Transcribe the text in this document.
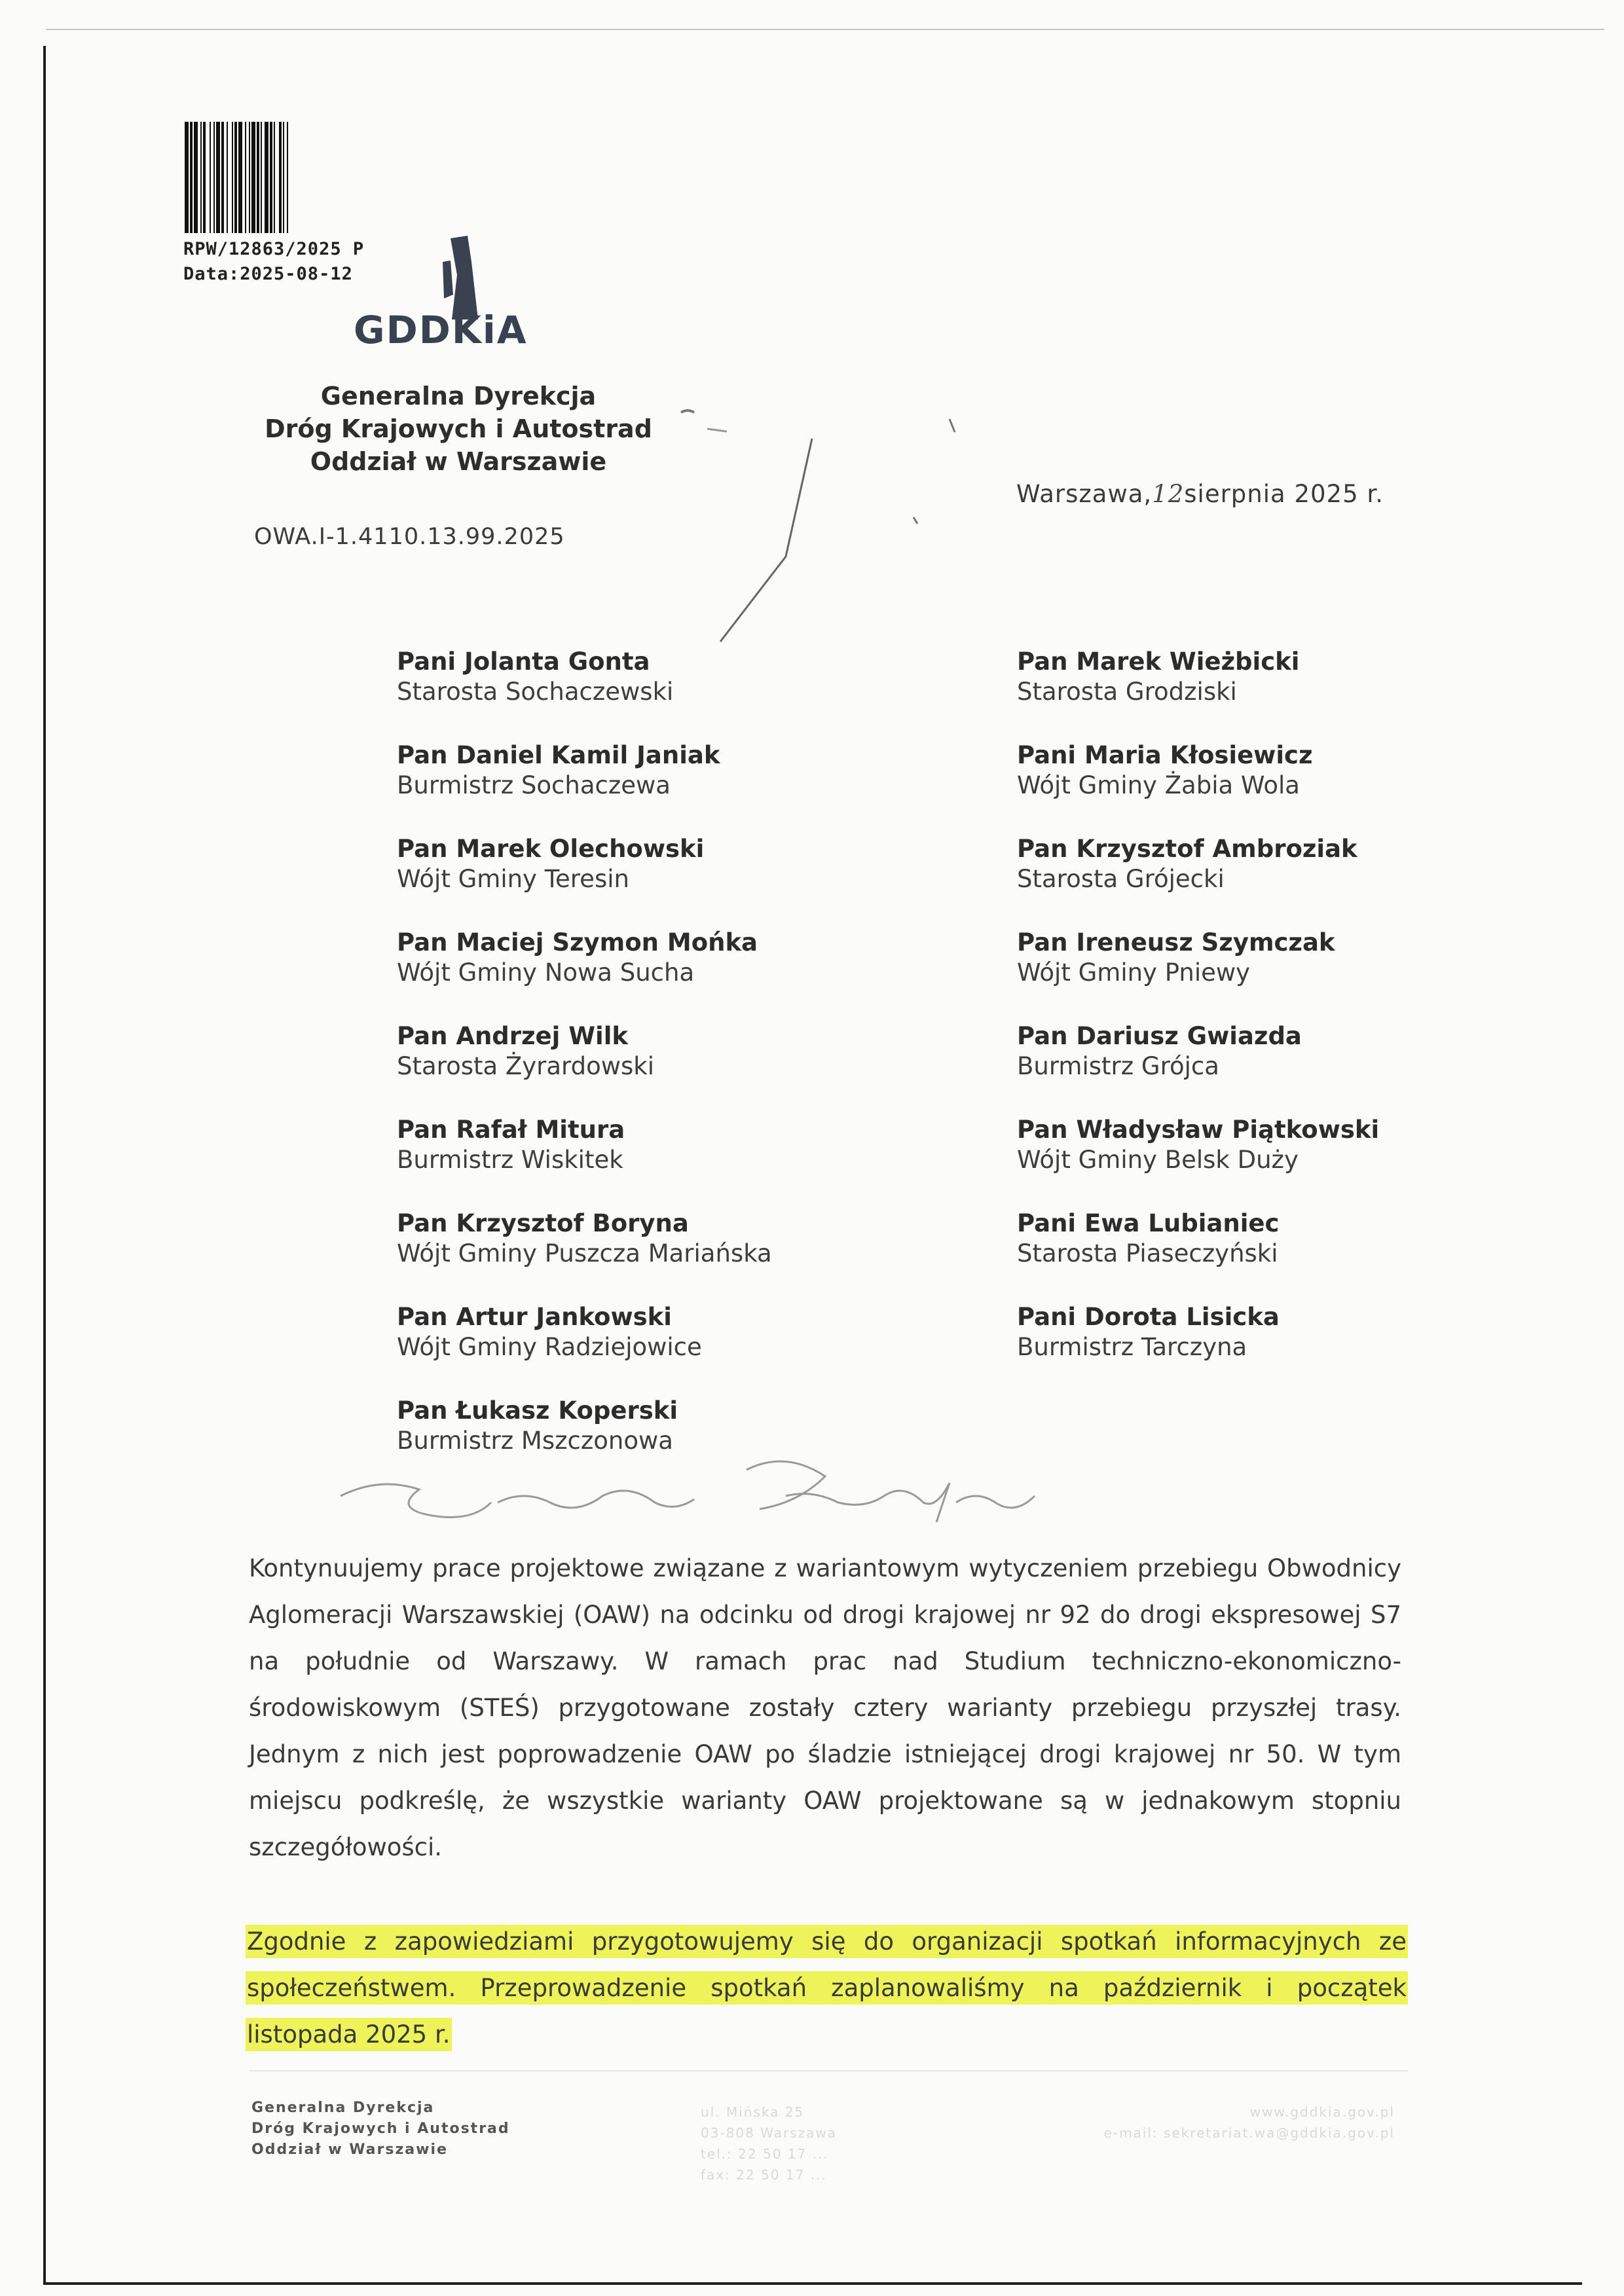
RPW/12863/2025 P
Data:2025-08-12
GDDKiA
Generalna Dyrekcja
Dróg Krajowych i Autostrad
Oddział w Warszawie
OWA.I-1.4110.13.99.2025
Warszawa,12sierpnia 2025 r.
Pani Jolanta Gonta
Starosta Sochaczewski
Pan Daniel Kamil Janiak
Burmistrz Sochaczewa
Pan Marek Olechowski
Wójt Gminy Teresin
Pan Maciej Szymon Mońka
Wójt Gminy Nowa Sucha
Pan Andrzej Wilk
Starosta Żyrardowski
Pan Rafał Mitura
Burmistrz Wiskitek
Pan Krzysztof Boryna
Wójt Gminy Puszcza Mariańska
Pan Artur Jankowski
Wójt Gminy Radziejowice
Pan Łukasz Koperski
Burmistrz Mszczonowa
Pan Marek Wieżbicki
Starosta Grodziski
Pani Maria Kłosiewicz
Wójt Gminy Żabia Wola
Pan Krzysztof Ambroziak
Starosta Grójecki
Pan Ireneusz Szymczak
Wójt Gminy Pniewy
Pan Dariusz Gwiazda
Burmistrz Grójca
Pan Władysław Piątkowski
Wójt Gminy Belsk Duży
Pani Ewa Lubianiec
Starosta Piaseczyński
Pani Dorota Lisicka
Burmistrz Tarczyna
Szanowni Państwo
Kontynuujemy prace projektowe związane z wariantowym wytyczeniem przebiegu Obwodnicy Aglomeracji Warszawskiej (OAW) na odcinku od drogi krajowej nr 92 do drogi ekspresowej S7 na południe od Warszawy. W ramach prac nad Studium techniczno-ekonomiczno-środowiskowym (STEŚ) przygotowane zostały cztery warianty przebiegu przyszłej trasy. Jednym z nich jest poprowadzenie OAW po śladzie istniejącej drogi krajowej nr 50. W tym miejscu podkreślę, że wszystkie warianty OAW projektowane są w jednakowym stopniu szczegółowości.
Zgodnie z zapowiedziami przygotowujemy się do organizacji spotkań informacyjnych ze społeczeństwem. Przeprowadzenie spotkań zaplanowaliśmy na październik i początek listopada 2025 r.
Generalna Dyrekcja
Dróg Krajowych i Autostrad
Oddział w Warszawie
ul. Mińska 25
03-808 Warszawa
tel.: 22 50 17 ...
fax: 22 50 17 ...
www.gddkia.gov.pl
e-mail: sekretariat.wa@gddkia.gov.pl
